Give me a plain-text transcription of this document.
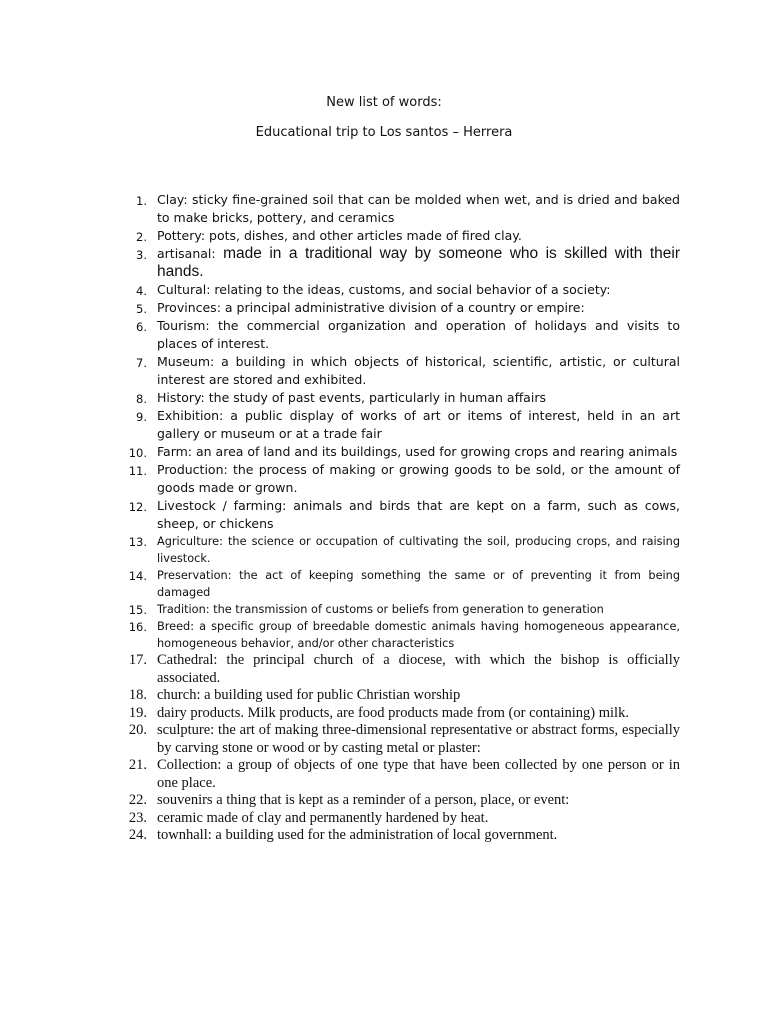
New list of words:
Educational trip to Los santos – Herrera
1. Clay: sticky fine-grained soil that can be molded when wet, and is dried and baked to make bricks, pottery, and ceramics
2. Pottery: pots, dishes, and other articles made of fired clay.
3. artisanal: made in a traditional way by someone who is skilled with their hands.
4. Cultural: relating to the ideas, customs, and social behavior of a society:
5. Provinces: a principal administrative division of a country or empire:
6. Tourism: the commercial organization and operation of holidays and visits to places of interest.
7. Museum: a building in which objects of historical, scientific, artistic, or cultural interest are stored and exhibited.
8. History: the study of past events, particularly in human affairs
9. Exhibition: a public display of works of art or items of interest, held in an art gallery or museum or at a trade fair
10. Farm: an area of land and its buildings, used for growing crops and rearing animals
11. Production: the process of making or growing goods to be sold, or the amount of goods made or grown.
12. Livestock / farming: animals and birds that are kept on a farm, such as cows, sheep, or chickens
13. Agriculture: the science or occupation of cultivating the soil, producing crops, and raising livestock.
14. Preservation: the act of keeping something the same or of preventing it from being damaged
15. Tradition: the transmission of customs or beliefs from generation to generation
16. Breed: a specific group of breedable domestic animals having homogeneous appearance, homogeneous behavior, and/or other characteristics
17. Cathedral: the principal church of a diocese, with which the bishop is officially associated.
18. church: a building used for public Christian worship
19. dairy products. Milk products, are food products made from (or containing) milk.
20. sculpture: the art of making three-dimensional representative or abstract forms, especially by carving stone or wood or by casting metal or plaster:
21. Collection: a group of objects of one type that have been collected by one person or in one place.
22. souvenirs a thing that is kept as a reminder of a person, place, or event:
23. ceramic made of clay and permanently hardened by heat.
24. townhall: a building used for the administration of local government.
